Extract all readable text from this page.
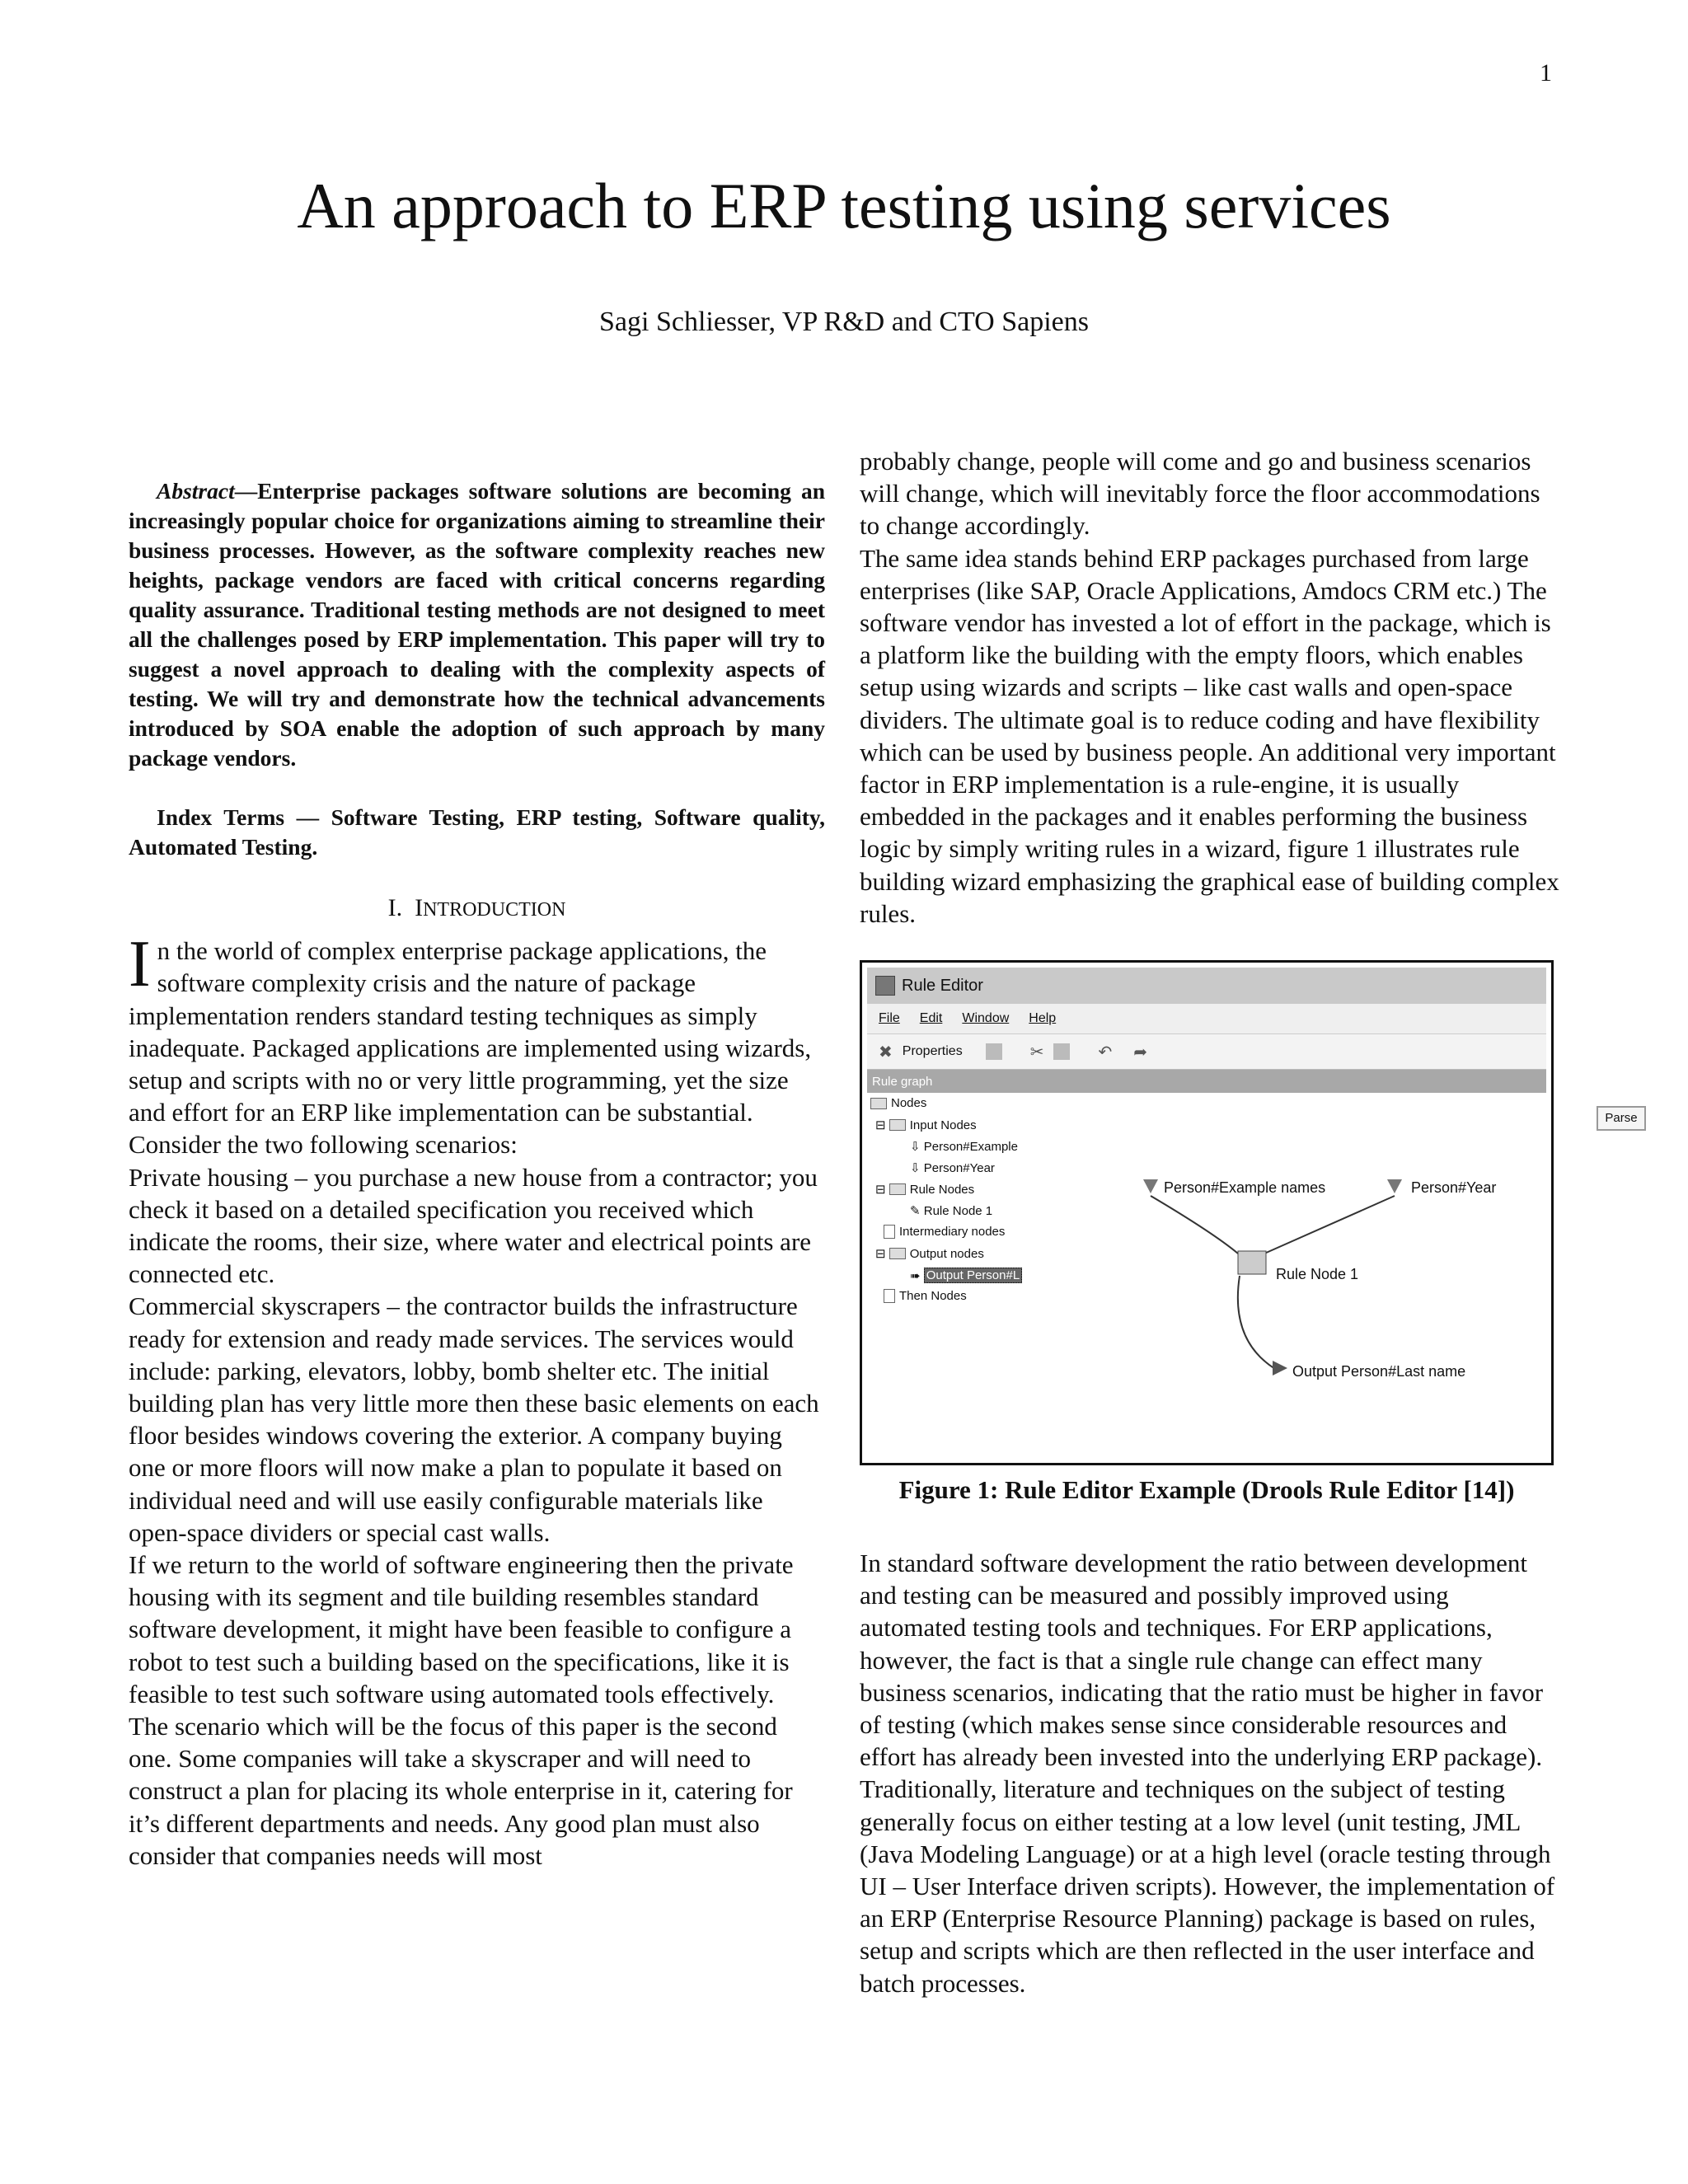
1
An approach to ERP testing using services
Sagi Schliesser, VP R&D and CTO Sapiens

Abstract—Enterprise packages software solutions are becoming an increasingly popular choice for organizations aiming to streamline their business processes. However, as the software complexity reaches new heights, package vendors are faced with critical concerns regarding quality assurance. Traditional testing methods are not designed to meet all the challenges posed by ERP implementation. This paper will try to suggest a novel approach to dealing with the complexity aspects of testing. We will try and demonstrate how the technical advancements introduced by SOA enable the adoption of such approach by many package vendors.

Index Terms — Software Testing, ERP testing, Software quality, Automated Testing.

I. INTRODUCTION

In the world of complex enterprise package applications, the software complexity crisis and the nature of package implementation renders standard testing techniques as simply inadequate. Packaged applications are implemented using wizards, setup and scripts with no or very little programming, yet the size and effort for an ERP like implementation can be substantial.

Consider the two following scenarios:

Private housing – you purchase a new house from a contractor; you check it based on a detailed specification you received which indicate the rooms, their size, where water and electrical points are connected etc.

Commercial skyscrapers – the contractor builds the infrastructure ready for extension and ready made services. The services would include: parking, elevators, lobby, bomb shelter etc. The initial building plan has very little more then these basic elements on each floor besides windows covering the exterior. A company buying one or more floors will now make a plan to populate it based on individual need and will use easily configurable materials like open-space dividers or special cast walls.

If we return to the world of software engineering then the private housing with its segment and tile building resembles standard software development, it might have been feasible to configure a robot to test such a building based on the specifications, like it is feasible to test such software using automated tools effectively.

The scenario which will be the focus of this paper is the second one. Some companies will take a skyscraper and will need to construct a plan for placing its whole enterprise in it, catering for it’s different departments and needs. Any good plan must also consider that companies needs will most

probably change, people will come and go and business scenarios will change, which will inevitably force the floor accommodations to change accordingly.

The same idea stands behind ERP packages purchased from large enterprises (like SAP, Oracle Applications, Amdocs CRM etc.) The software vendor has invested a lot of effort in the package, which is a platform like the building with the empty floors, which enables setup using wizards and scripts – like cast walls and open-space dividers. The ultimate goal is to reduce coding and have flexibility which can be used by business people. An additional very important factor in ERP implementation is a rule-engine, it is usually embedded in the packages and it enables performing the business logic by simply writing rules in a wizard, figure 1 illustrates rule building wizard emphasizing the graphical ease of building complex rules.

Rule Editor
File Edit Window Help
✖ Properties	✂	↶ ➦
Rule graph
Nodes
⊟ Input Nodes
⇩ Person#Example
⇩ Person#Year
⊟ Rule Nodes
✎ Rule Node 1
Intermediary nodes
⊟ Output nodes
➠ Output Person#L
Then Nodes
Parse
Person#Example names	Person#Year
Rule Node 1
Output Person#Last name
Figure 1: Rule Editor Example (Drools Rule Editor [14])

In standard software development the ratio between development and testing can be measured and possibly improved using automated testing tools and techniques. For ERP applications, however, the fact is that a single rule change can effect many business scenarios, indicating that the ratio must be higher in favor of testing (which makes sense since considerable resources and effort has already been invested into the underlying ERP package).

Traditionally, literature and techniques on the subject of testing generally focus on either testing at a low level (unit testing, JML (Java Modeling Language) or at a high level (oracle testing through UI – User Interface driven scripts). However, the implementation of an ERP (Enterprise Resource Planning) package is based on rules, setup and scripts which are then reflected in the user interface and batch processes.
